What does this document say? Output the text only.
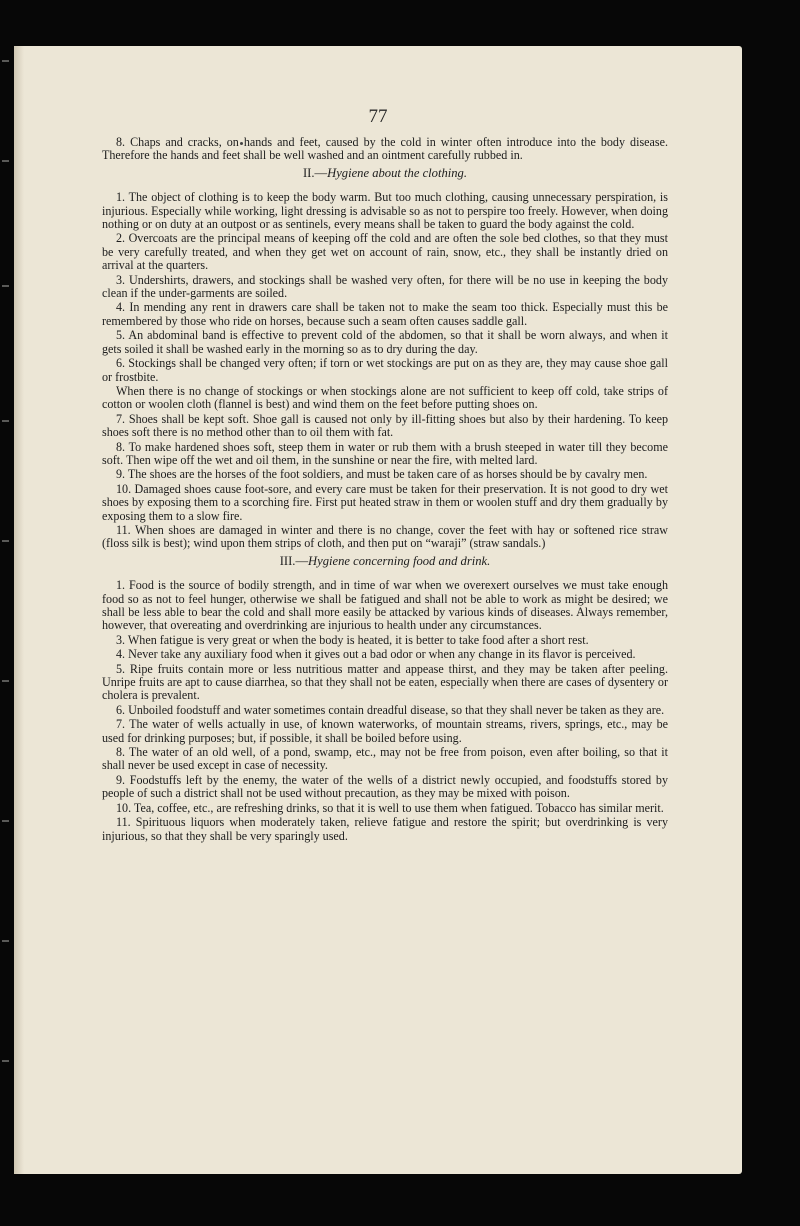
77

8. Chaps and cracks, on hands and feet, caused by the cold in winter often introduce into the body disease. Therefore the hands and feet shall be well washed and an ointment carefully rubbed in.

II.—Hygiene about the clothing.

1. The object of clothing is to keep the body warm. But too much clothing, causing unnecessary perspiration, is injurious. Especially while working, light dressing is advisable so as not to perspire too freely. However, when doing nothing or on duty at an outpost or as sentinels, every means shall be taken to guard the body against the cold.

2. Overcoats are the principal means of keeping off the cold and are often the sole bed clothes, so that they must be very carefully treated, and when they get wet on account of rain, snow, etc., they shall be instantly dried on arrival at the quarters.

3. Undershirts, drawers, and stockings shall be washed very often, for there will be no use in keeping the body clean if the under-garments are soiled.

4. In mending any rent in drawers care shall be taken not to make the seam too thick. Especially must this be remembered by those who ride on horses, because such a seam often causes saddle gall.

5. An abdominal band is effective to prevent cold of the abdomen, so that it shall be worn always, and when it gets soiled it shall be washed early in the morning so as to dry during the day.

6. Stockings shall be changed very often; if torn or wet stockings are put on as they are, they may cause shoe gall or frostbite.

When there is no change of stockings or when stockings alone are not sufficient to keep off cold, take strips of cotton or woolen cloth (flannel is best) and wind them on the feet before putting shoes on.

7. Shoes shall be kept soft. Shoe gall is caused not only by ill-fitting shoes but also by their hardening. To keep shoes soft there is no method other than to oil them with fat.

8. To make hardened shoes soft, steep them in water or rub them with a brush steeped in water till they become soft. Then wipe off the wet and oil them, in the sunshine or near the fire, with melted lard.

9. The shoes are the horses of the foot soldiers, and must be taken care of as horses should be by cavalry men.

10. Damaged shoes cause foot-sore, and every care must be taken for their preservation. It is not good to dry wet shoes by exposing them to a scorching fire. First put heated straw in them or woolen stuff and dry them gradually by exposing them to a slow fire.

11. When shoes are damaged in winter and there is no change, cover the feet with hay or softened rice straw (floss silk is best); wind upon them strips of cloth, and then put on “waraji” (straw sandals.)

III.—Hygiene concerning food and drink.

1. Food is the source of bodily strength, and in time of war when we overexert ourselves we must take enough food so as not to feel hunger, otherwise we shall be fatigued and shall not be able to work as might be desired; we shall be less able to bear the cold and shall more easily be attacked by various kinds of diseases. Always remember, however, that overeating and overdrinking are injurious to health under any circumstances.

3. When fatigue is very great or when the body is heated, it is better to take food after a short rest.

4. Never take any auxiliary food when it gives out a bad odor or when any change in its flavor is perceived.

5. Ripe fruits contain more or less nutritious matter and appease thirst, and they may be taken after peeling. Unripe fruits are apt to cause diarrhea, so that they shall not be eaten, especially when there are cases of dysentery or cholera is prevalent.

6. Unboiled foodstuff and water sometimes contain dreadful disease, so that they shall never be taken as they are.

7. The water of wells actually in use, of known waterworks, of mountain streams, rivers, springs, etc., may be used for drinking purposes; but, if possible, it shall be boiled before using.

8. The water of an old well, of a pond, swamp, etc., may not be free from poison, even after boiling, so that it shall never be used except in case of necessity.

9. Foodstuffs left by the enemy, the water of the wells of a district newly occupied, and foodstuffs stored by people of such a district shall not be used without precaution, as they may be mixed with poison.

10. Tea, coffee, etc., are refreshing drinks, so that it is well to use them when fatigued. Tobacco has similar merit.

11. Spirituous liquors when moderately taken, relieve fatigue and restore the spirit; but overdrinking is very injurious, so that they shall be very sparingly used.
